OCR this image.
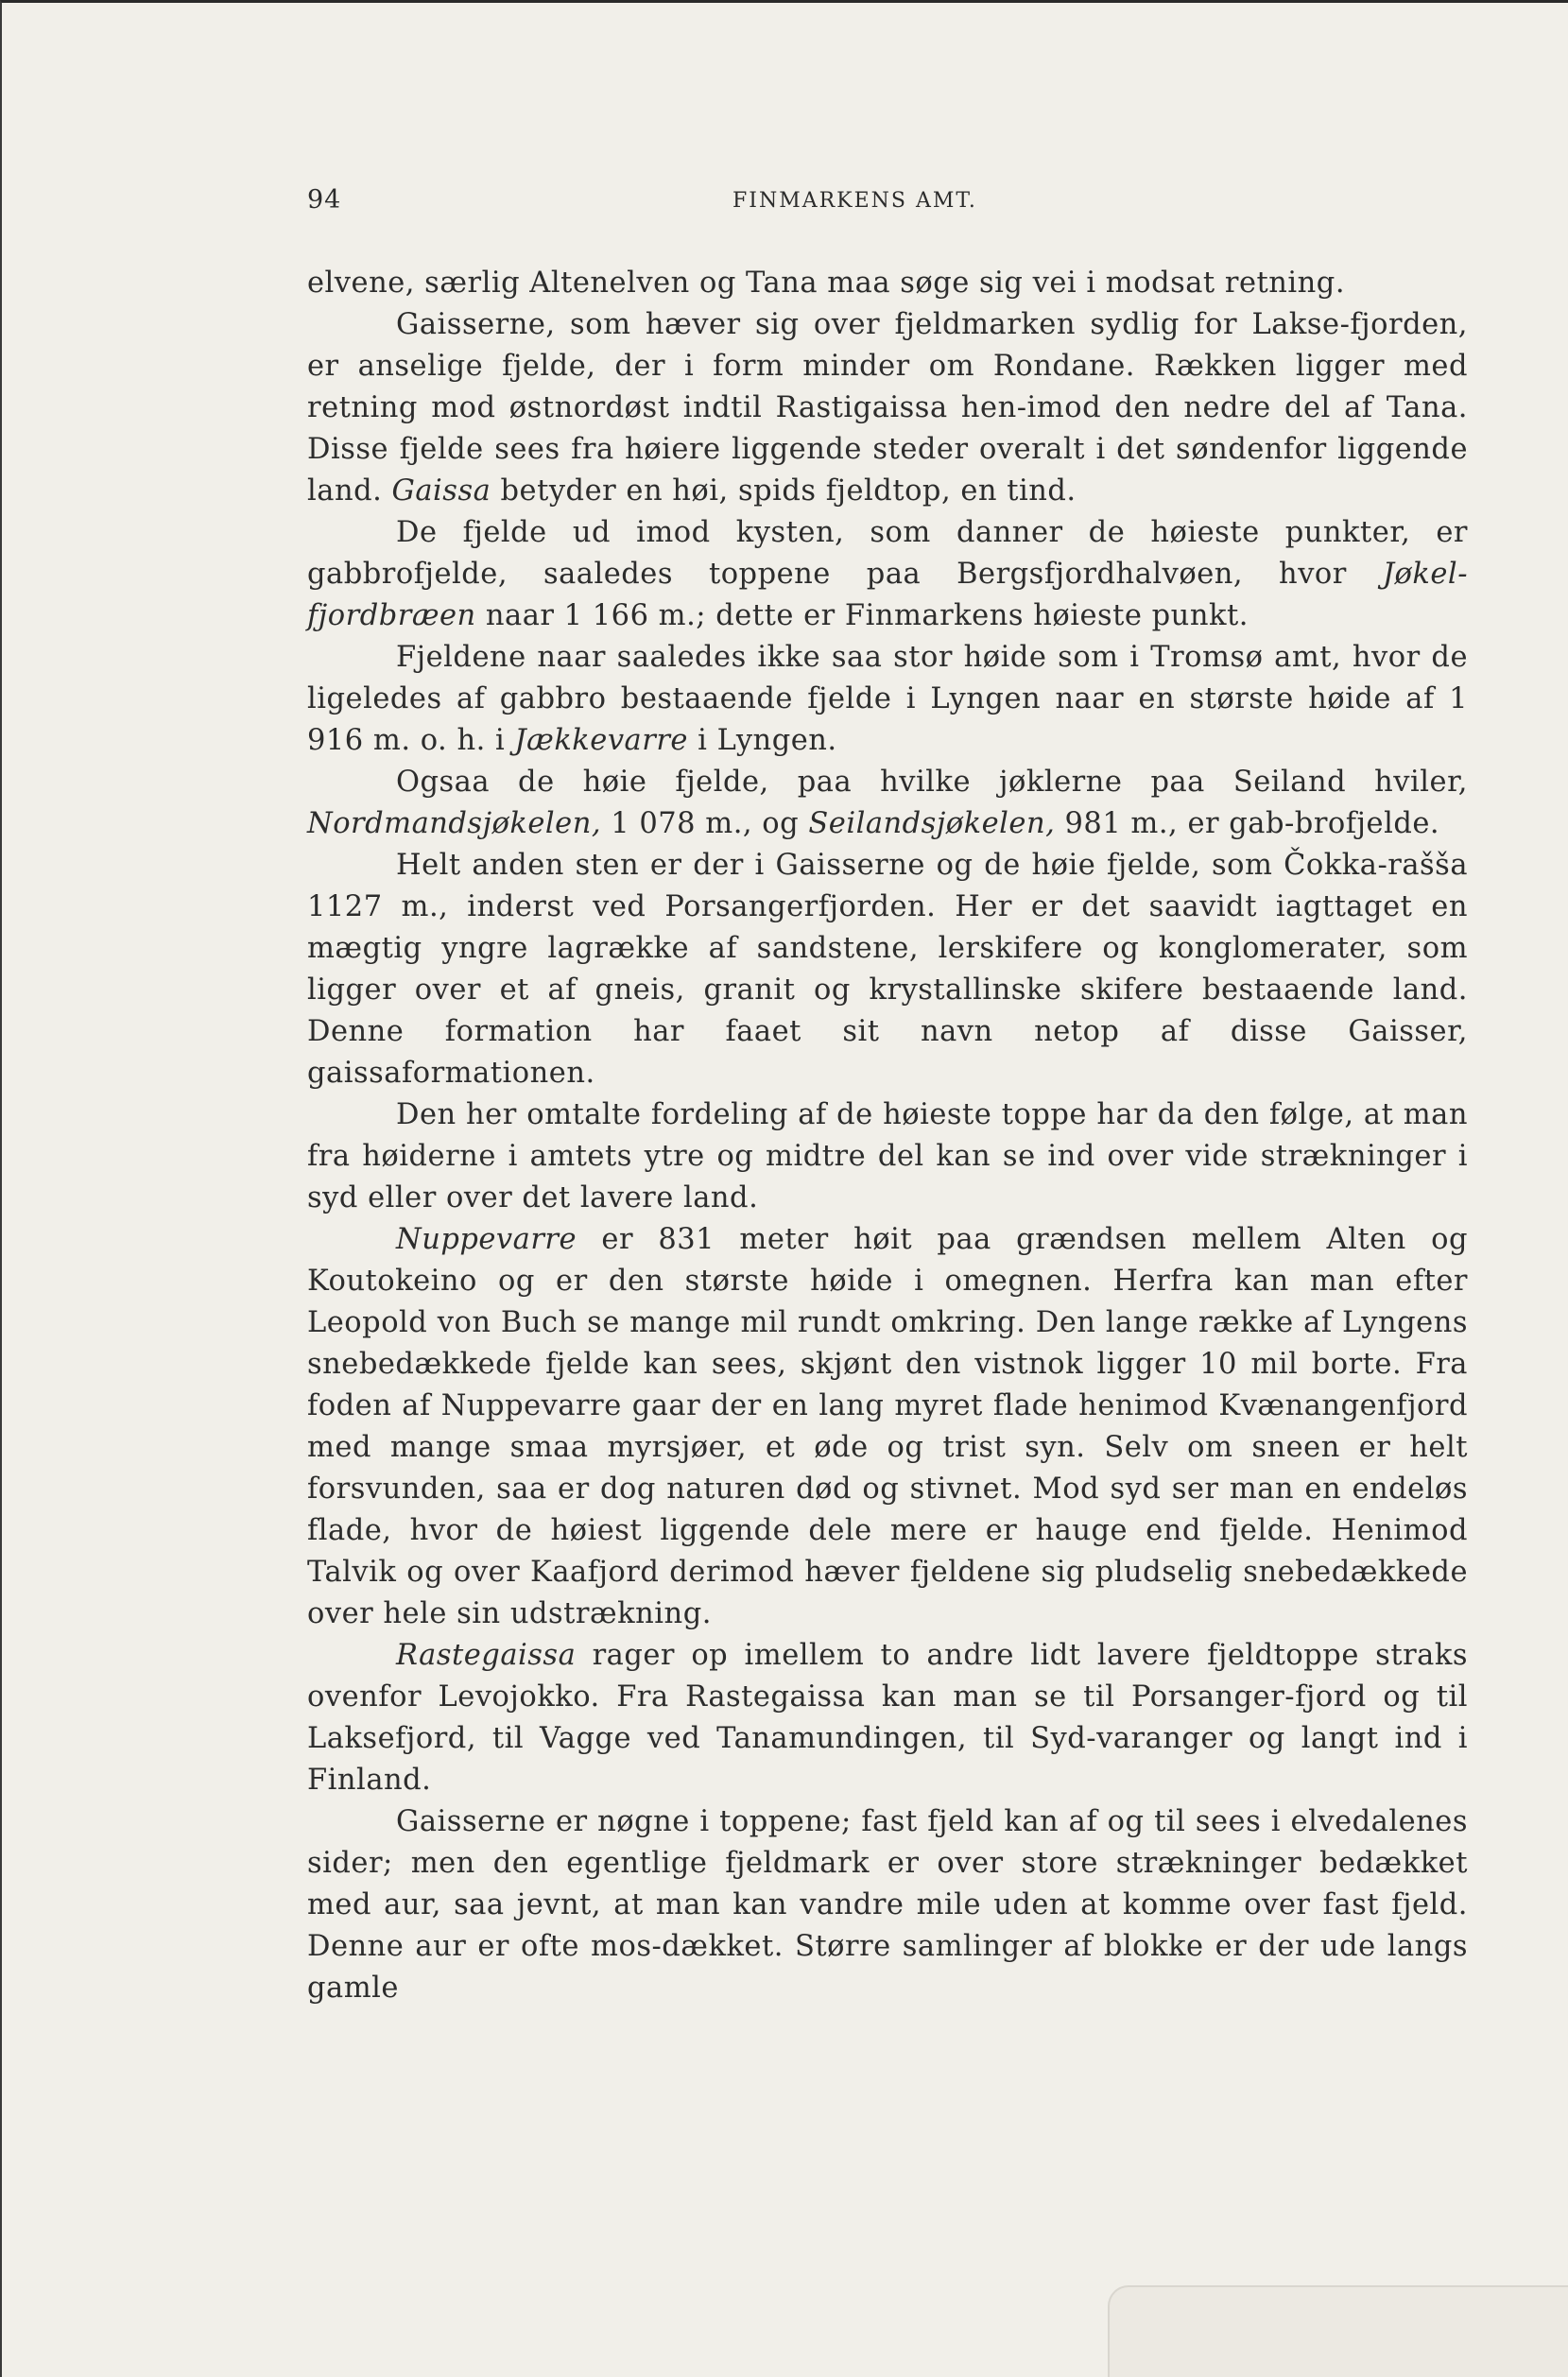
94	FINMARKENS AMT.

elvene, særlig Altenelven og Tana maa søge sig vei i modsat retning.

Gaisserne, som hæver sig over fjeldmarken sydlig for Lakse-fjorden, er anselige fjelde, der i form minder om Rondane. Rækken ligger med retning mod østnordøst indtil Rastigaissa hen-imod den nedre del af Tana. Disse fjelde sees fra høiere liggende steder overalt i det søndenfor liggende land. Gaissa betyder en høi, spids fjeldtop, en tind.

De fjelde ud imod kysten, som danner de høieste punkter, er gabbrofjelde, saaledes toppene paa Bergsfjordhalvøen, hvor Jøkel-fjordbræen naar 1 166 m.; dette er Finmarkens høieste punkt.

Fjeldene naar saaledes ikke saa stor høide som i Tromsø amt, hvor de ligeledes af gabbro bestaaende fjelde i Lyngen naar en største høide af 1 916 m. o. h. i Jækkevarre i Lyngen.

Ogsaa de høie fjelde, paa hvilke jøklerne paa Seiland hviler, Nordmandsjøkelen, 1 078 m., og Seilandsjøkelen, 981 m., er gab-brofjelde.

Helt anden sten er der i Gaisserne og de høie fjelde, som Čokka-rašša 1127 m., inderst ved Porsangerfjorden. Her er det saavidt iagttaget en mægtig yngre lagrække af sandstene, lerskifere og konglomerater, som ligger over et af gneis, granit og krystallinske skifere bestaaende land. Denne formation har faaet sit navn netop af disse Gaisser, gaissaformationen.

Den her omtalte fordeling af de høieste toppe har da den følge, at man fra høiderne i amtets ytre og midtre del kan se ind over vide strækninger i syd eller over det lavere land.

Nuppevarre er 831 meter høit paa grændsen mellem Alten og Koutokeino og er den største høide i omegnen. Herfra kan man efter Leopold von Buch se mange mil rundt omkring. Den lange række af Lyngens snebedækkede fjelde kan sees, skjønt den vistnok ligger 10 mil borte. Fra foden af Nuppevarre gaar der en lang myret flade henimod Kvænangenfjord med mange smaa myrsjøer, et øde og trist syn. Selv om sneen er helt forsvunden, saa er dog naturen død og stivnet. Mod syd ser man en endeløs flade, hvor de høiest liggende dele mere er hauge end fjelde. Henimod Talvik og over Kaafjord derimod hæver fjeldene sig pludselig snebedækkede over hele sin udstrækning.

Rastegaissa rager op imellem to andre lidt lavere fjeldtoppe straks ovenfor Levojokko. Fra Rastegaissa kan man se til Porsanger-fjord og til Laksefjord, til Vagge ved Tanamundingen, til Syd-varanger og langt ind i Finland.

Gaisserne er nøgne i toppene; fast fjeld kan af og til sees i elvedalenes sider; men den egentlige fjeldmark er over store strækninger bedækket med aur, saa jevnt, at man kan vandre mile uden at komme over fast fjeld. Denne aur er ofte mos-dækket. Større samlinger af blokke er der ude langs gamle
